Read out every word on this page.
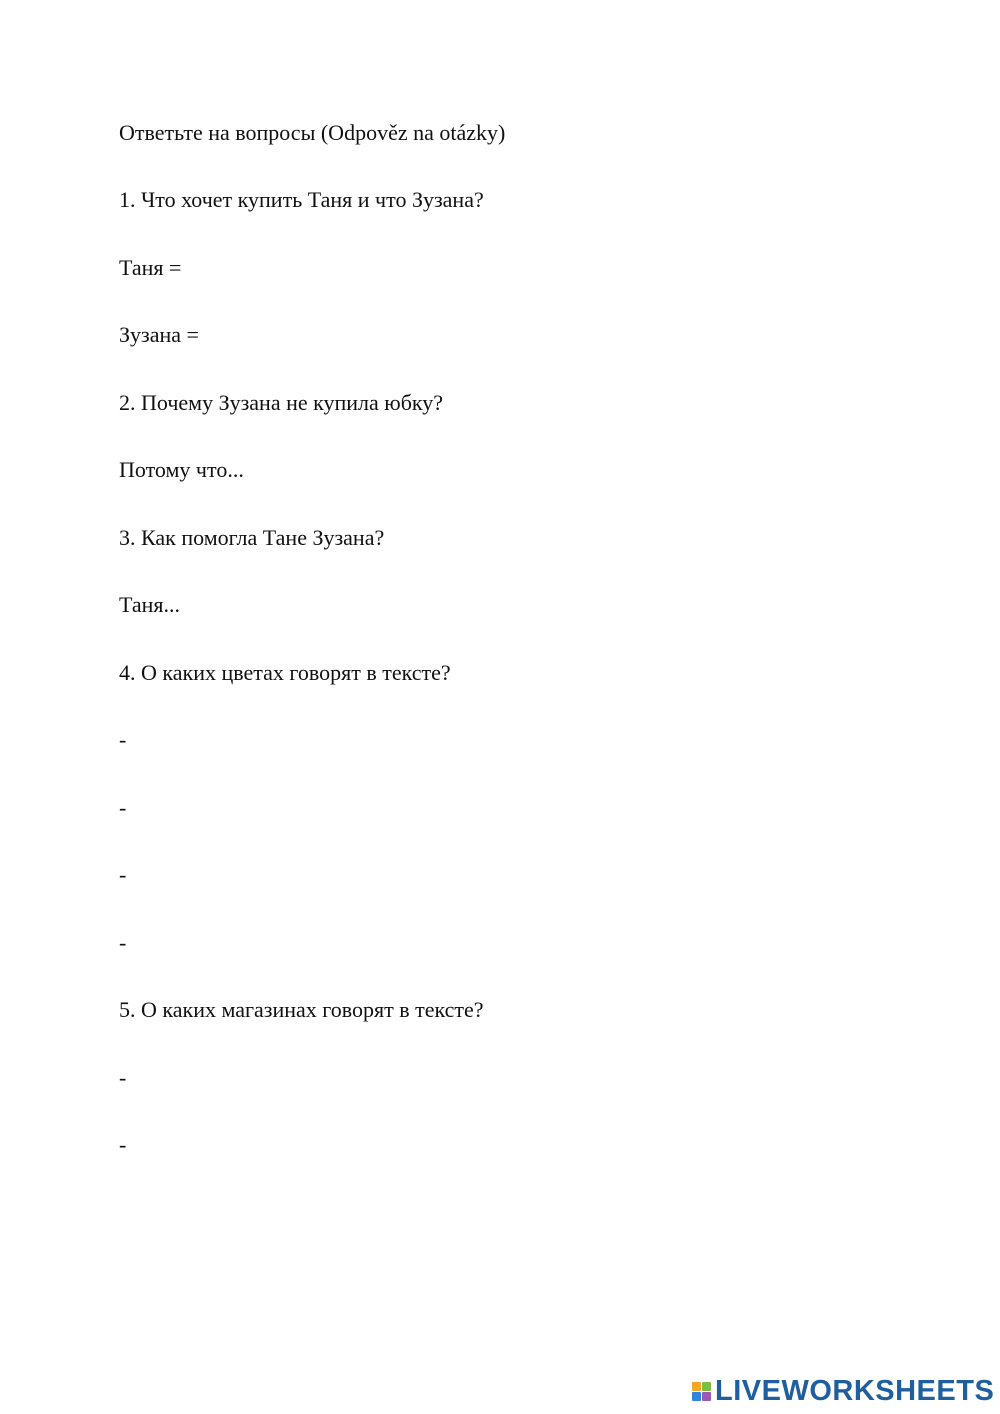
Ответьте на вопросы (Odpověz na otázky)
1. Что хочет купить Таня и что Зузана?
Таня =
Зузана =
2. Почему Зузана не купила юбку?
Потому что...
3. Как помогла Тане Зузана?
Таня...
4. О каких цветах говорят в тексте?
-
-
-
-
5. О каких магазинах говорят в тексте?
-
-
LIVEWORKSHEETS
